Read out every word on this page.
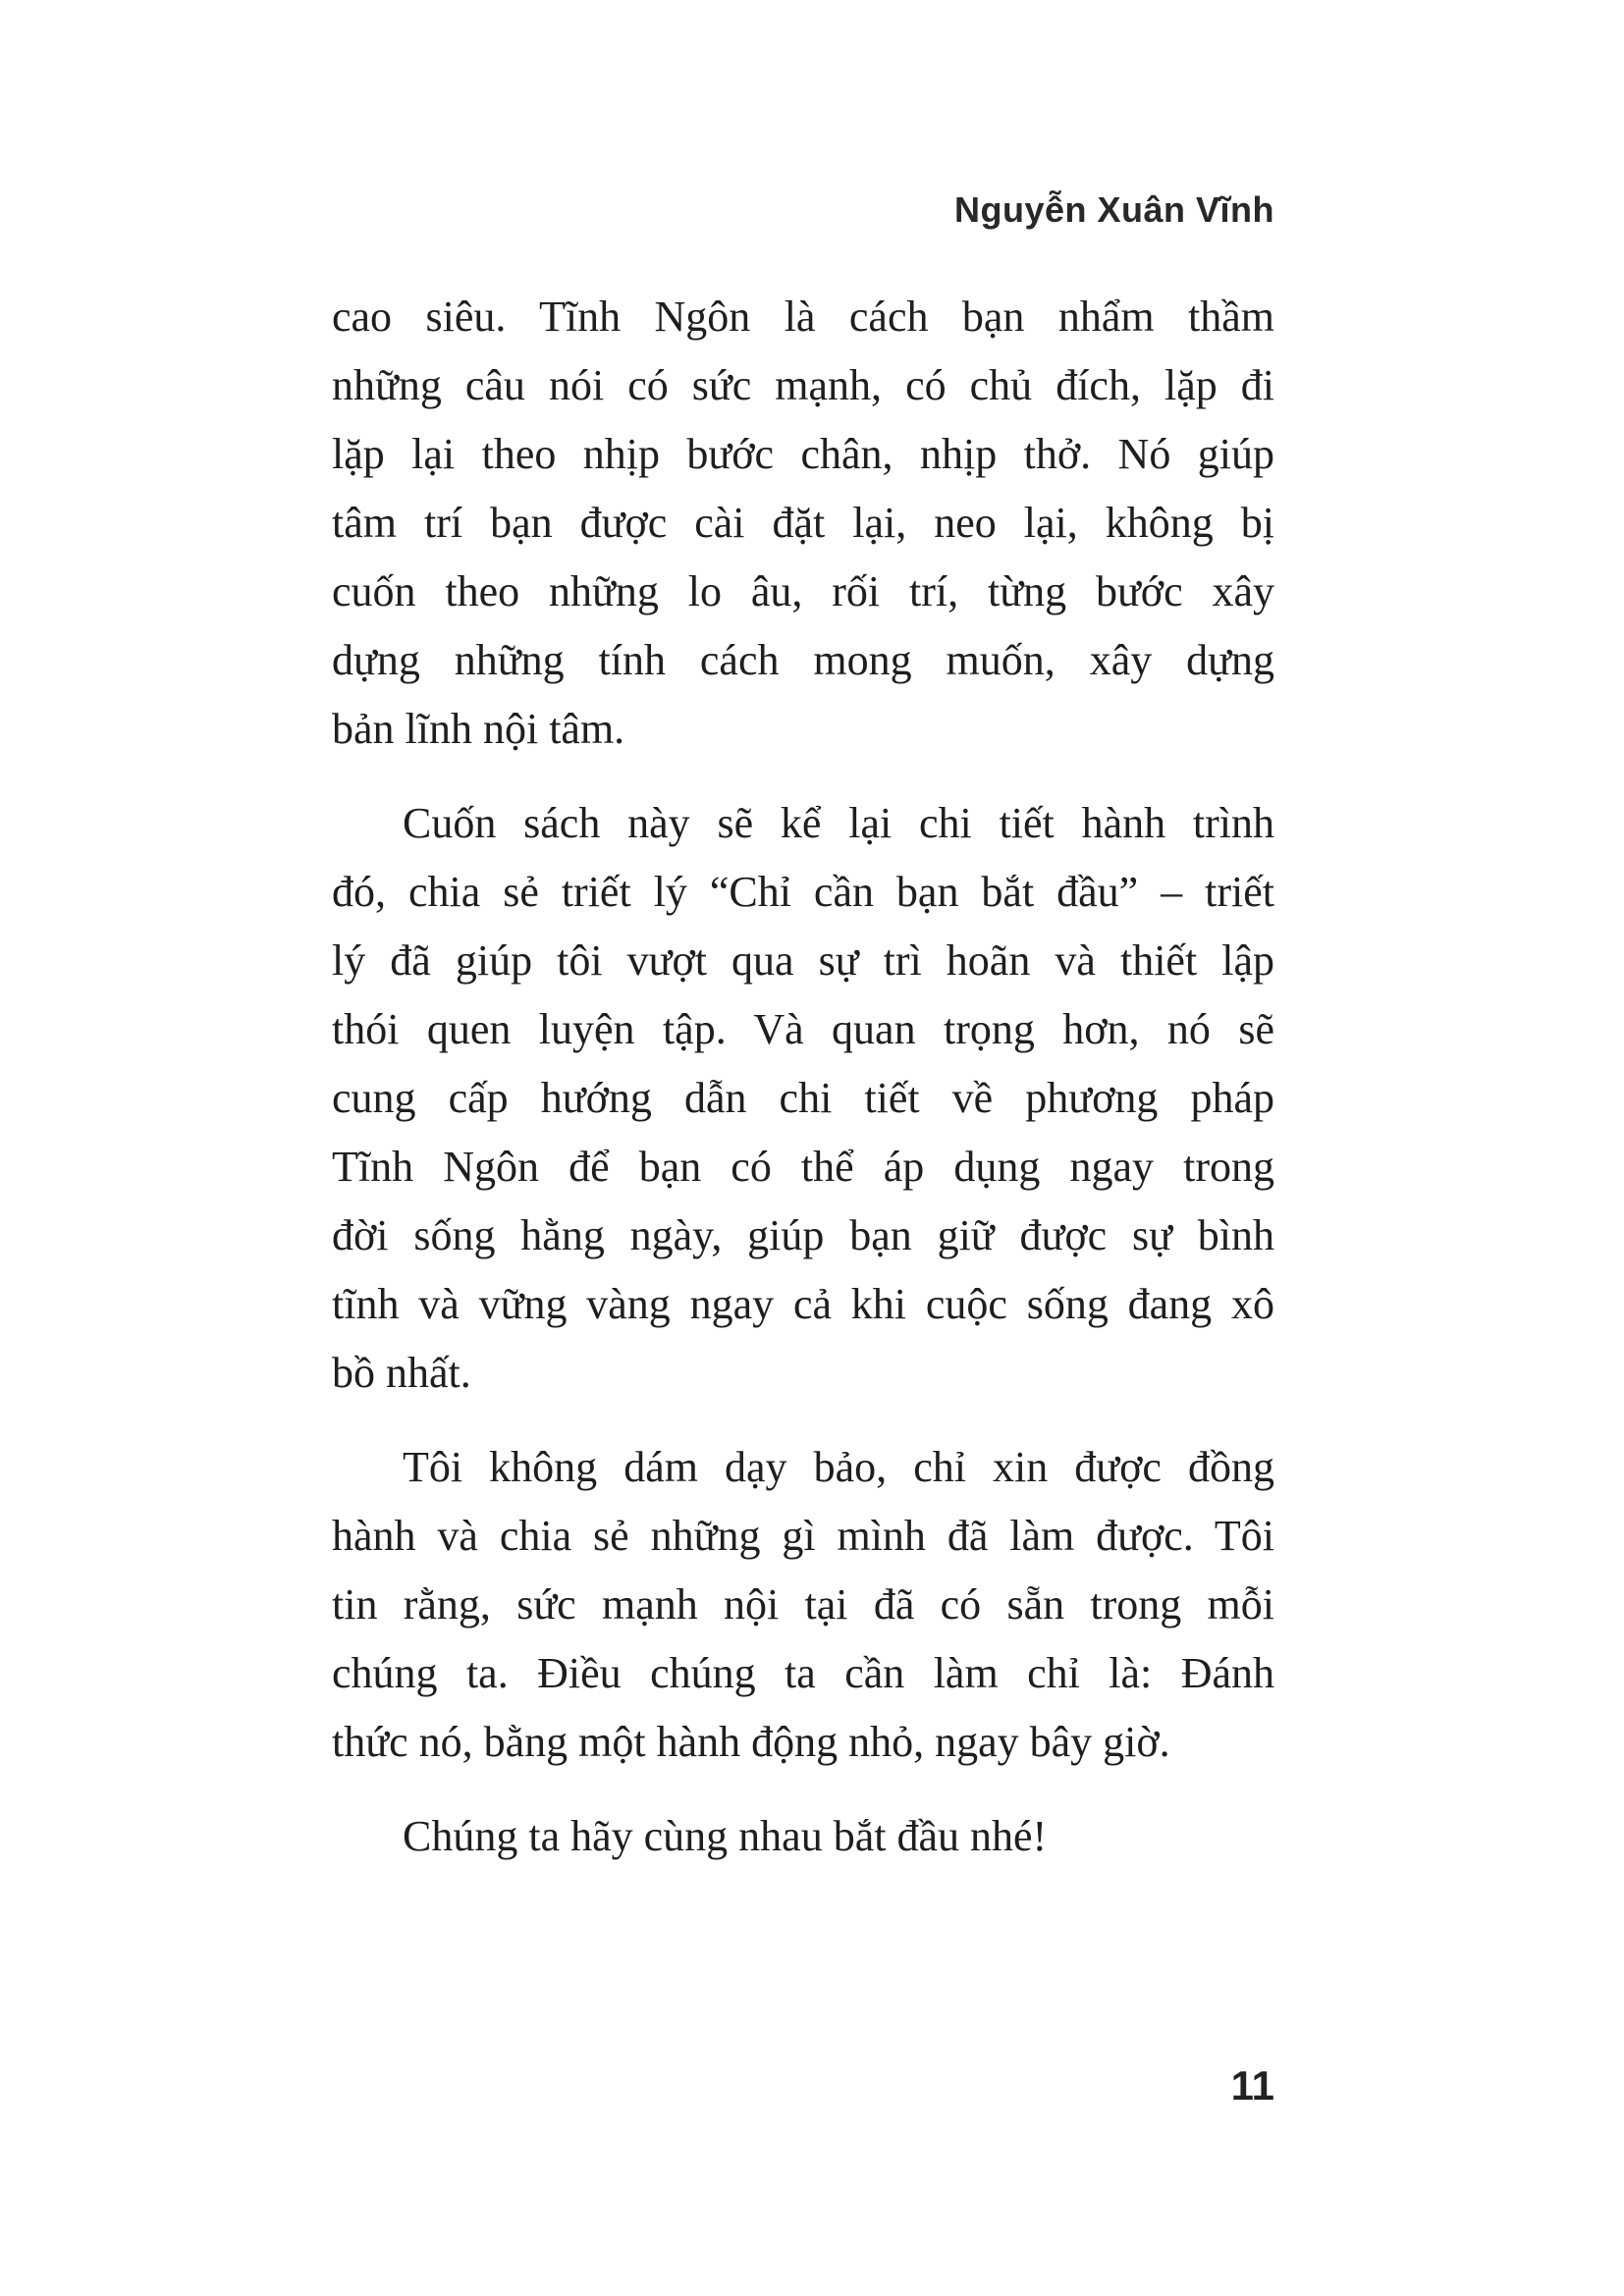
Nguyễn Xuân Vĩnh
cao siêu. Tĩnh Ngôn là cách bạn nhẩm thầm
những câu nói có sức mạnh, có chủ đích, lặp đi
lặp lại theo nhịp bước chân, nhịp thở. Nó giúp
tâm trí bạn được cài đặt lại, neo lại, không bị
cuốn theo những lo âu, rối trí, từng bước xây
dựng những tính cách mong muốn, xây dựng
bản lĩnh nội tâm.
Cuốn sách này sẽ kể lại chi tiết hành trình
đó, chia sẻ triết lý “Chỉ cần bạn bắt đầu” – triết
lý đã giúp tôi vượt qua sự trì hoãn và thiết lập
thói quen luyện tập. Và quan trọng hơn, nó sẽ
cung cấp hướng dẫn chi tiết về phương pháp
Tĩnh Ngôn để bạn có thể áp dụng ngay trong
đời sống hằng ngày, giúp bạn giữ được sự bình
tĩnh và vững vàng ngay cả khi cuộc sống đang xô
bồ nhất.
Tôi không dám dạy bảo, chỉ xin được đồng
hành và chia sẻ những gì mình đã làm được. Tôi
tin rằng, sức mạnh nội tại đã có sẵn trong mỗi
chúng ta. Điều chúng ta cần làm chỉ là: Đánh
thức nó, bằng một hành động nhỏ, ngay bây giờ.
Chúng ta hãy cùng nhau bắt đầu nhé!
11
